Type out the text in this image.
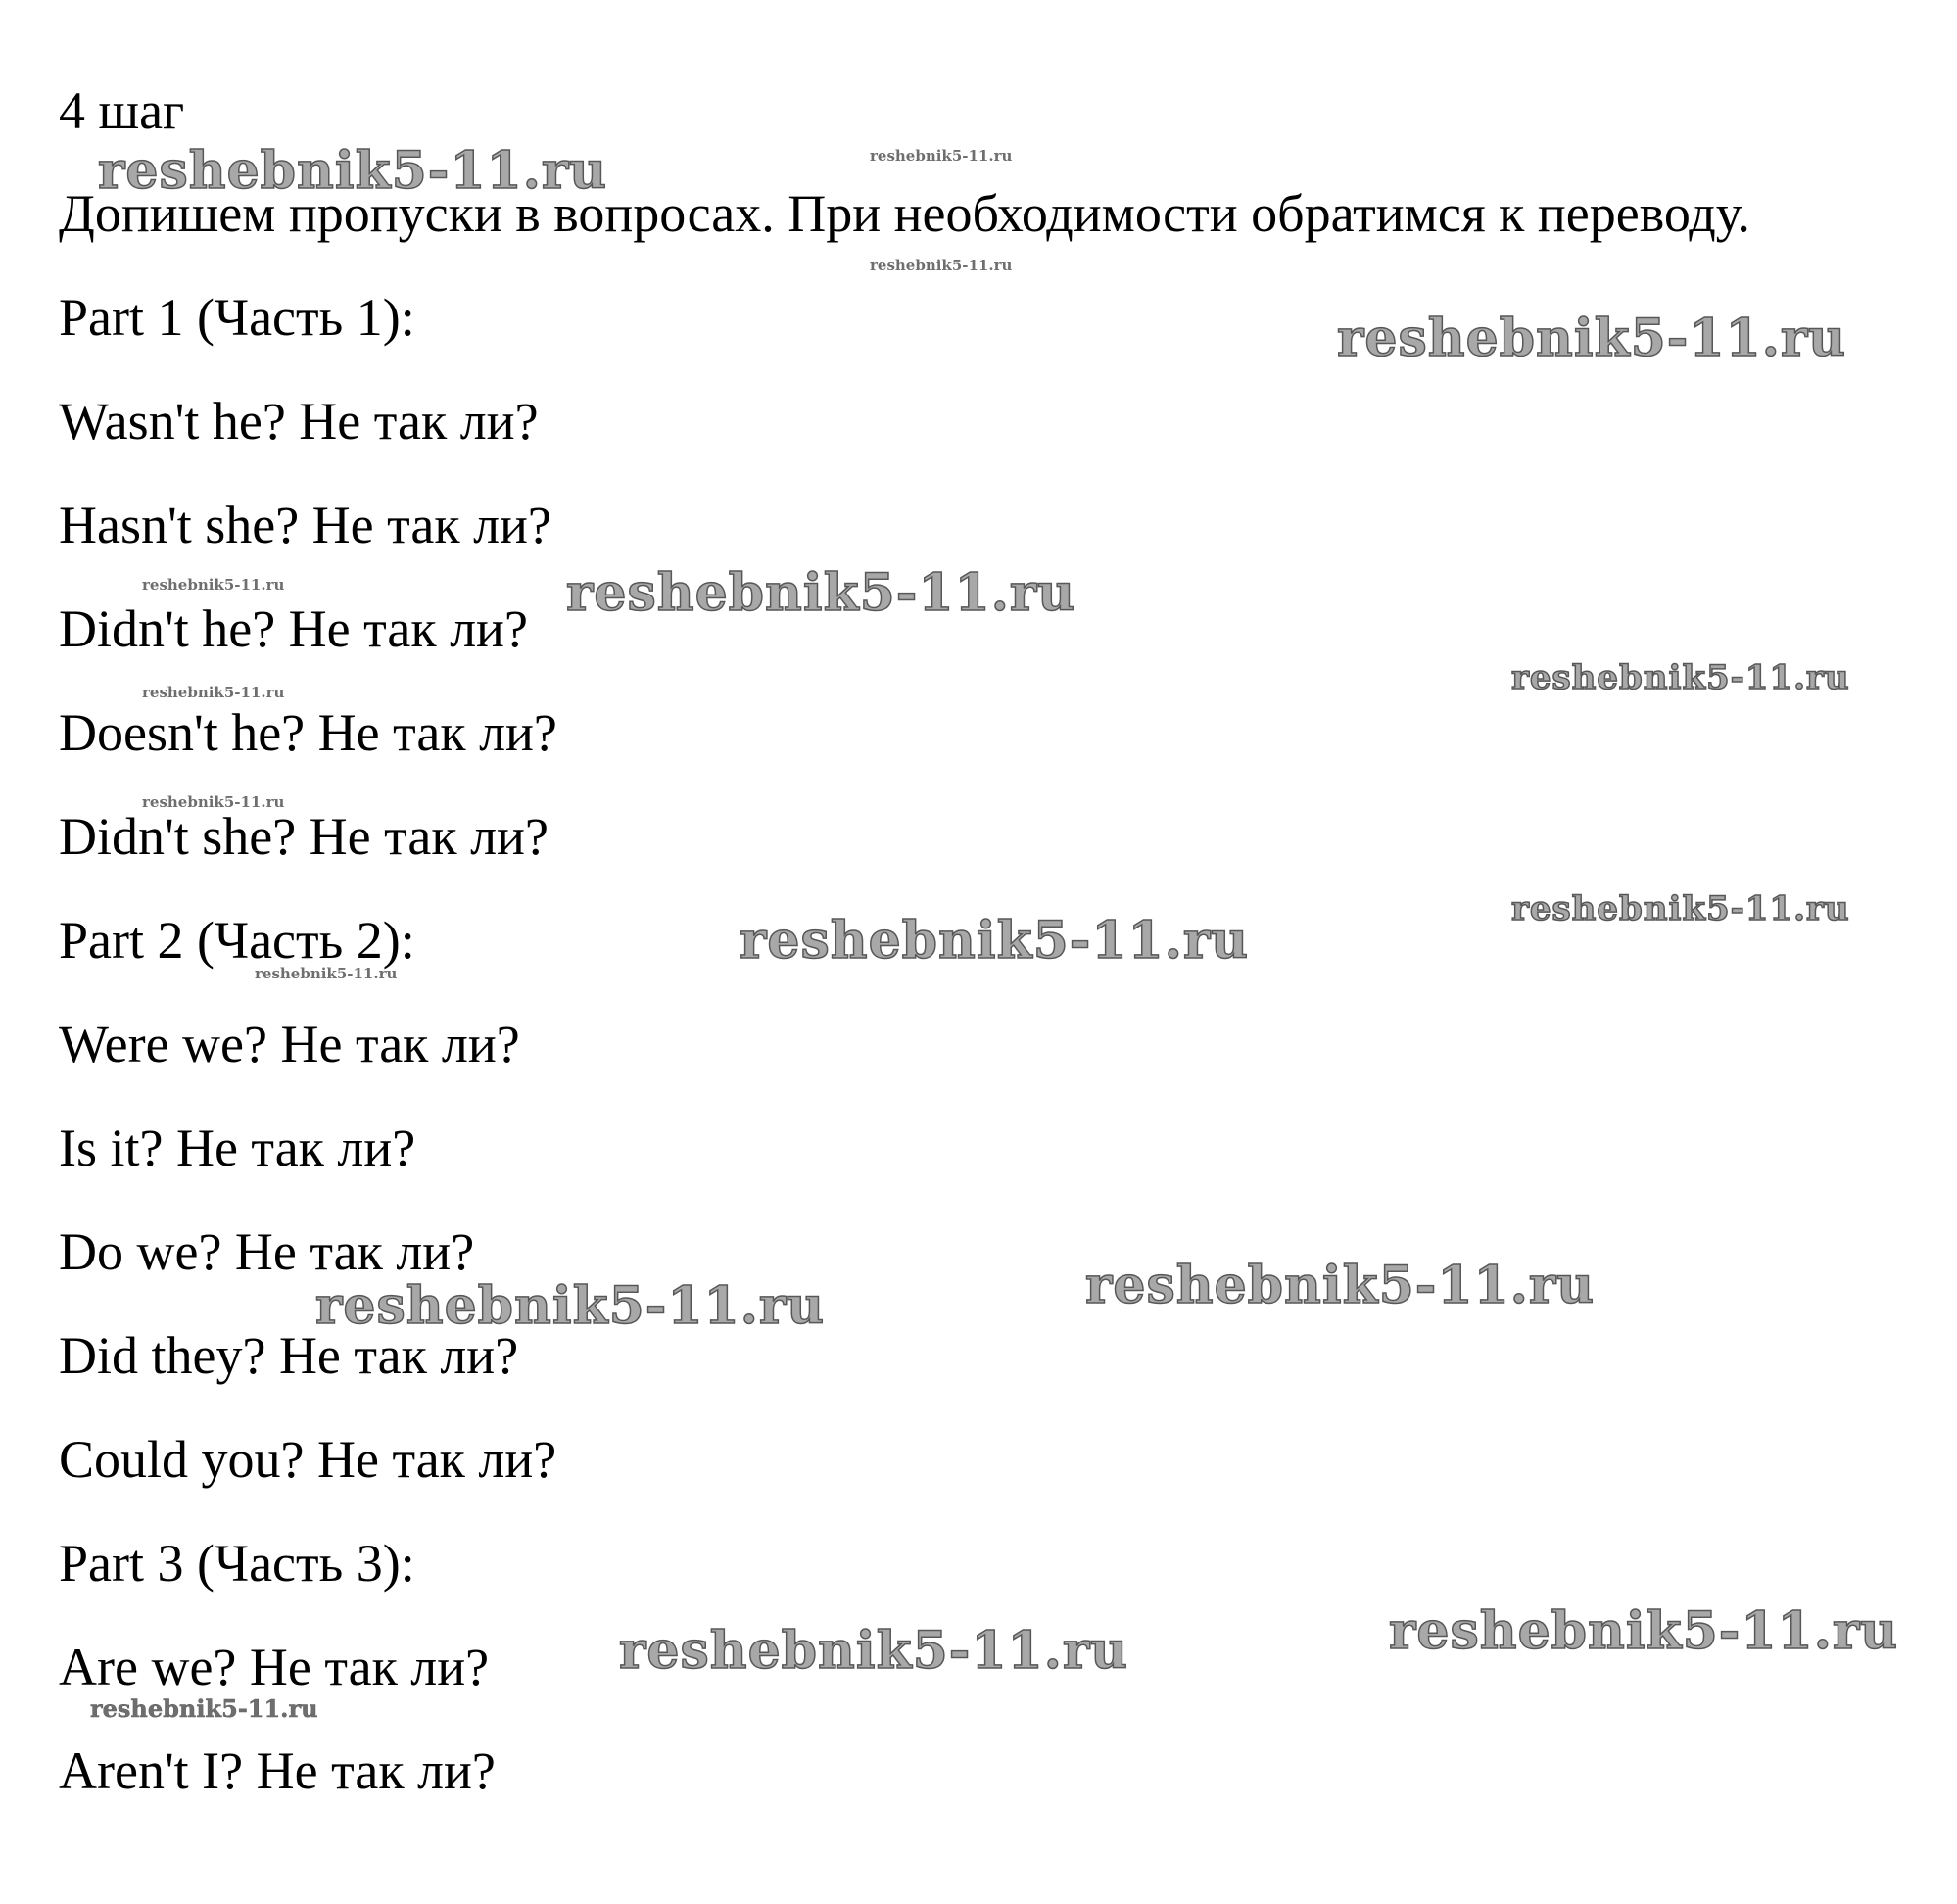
4 шаг
Допишем пропуски в вопросах. При необходимости обратимся к переводу.
Part 1 (Часть 1):
Wasn't he? Не так ли?
Hasn't she? Не так ли?
Didn't he? Не так ли?
Doesn't he? Не так ли?
Didn't she? Не так ли?
Part 2 (Часть 2):
Were we? Не так ли?
Is it? Не так ли?
Do we? Не так ли?
Did they? Не так ли?
Could you? Не так ли?
Part 3 (Часть 3):
Are we? Не так ли?
Aren't I? Не так ли?
reshebnik5-11.ru	reshebnik5-11.ru
reshebnik5-11.ru
reshebnik5-11.ru
reshebnik5-11.ru	reshebnik5-11.ru
reshebnik5-11.ru
reshebnik5-11.ru
reshebnik5-11.ru
reshebnik5-11.ru
reshebnik5-11.ru
reshebnik5-11.ru
reshebnik5-11.ru
reshebnik5-11.ru
reshebnik5-11.ru
reshebnik5-11.ru
reshebnik5-11.ru
